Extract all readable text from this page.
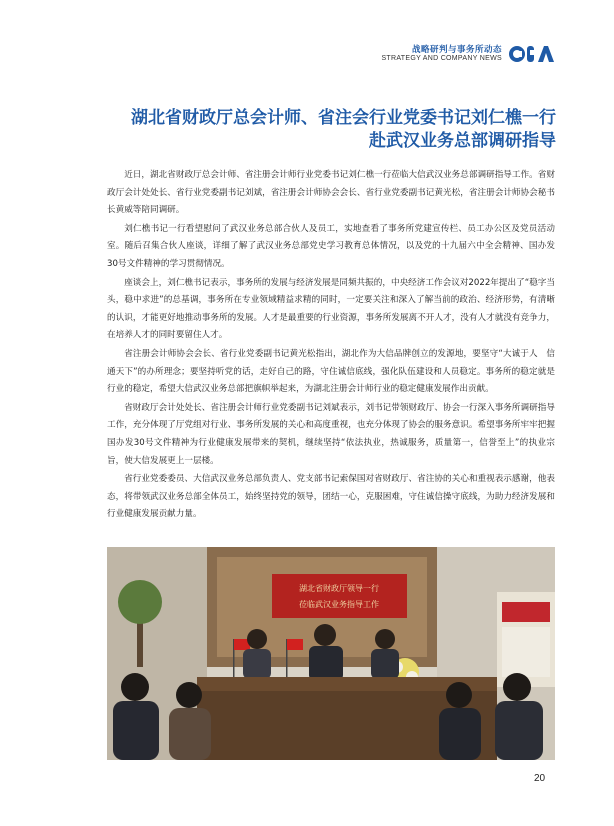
战略研判与事务所动态
STRATEGY AND COMPANY NEWS
湖北省财政厅总会计师、省注会行业党委书记刘仁樵一行
赴武汉业务总部调研指导

近日，湖北省财政厅总会计师、省注册会计师行业党委书记刘仁樵一行莅临大信武汉业务总部调研指导工作。省财政厅会计处处长、省行业党委副书记刘斌，省注册会计师协会会长、省行业党委副书记黄光松，省注册会计师协会秘书长黄威等陪同调研。

刘仁樵书记一行看望慰问了武汉业务总部合伙人及员工，实地查看了事务所党建宣传栏、员工办公区及党员活动室。随后召集合伙人座谈，详细了解了武汉业务总部党史学习教育总体情况，以及党的十九届六中全会精神、国办发30号文件精神的学习贯彻情况。

座谈会上，刘仁樵书记表示，事务所的发展与经济发展是同频共振的，中央经济工作会议对2022年提出了“稳字当头，稳中求进”的总基调，事务所在专业领域精益求精的同时，一定要关注和深入了解当前的政治、经济形势，有清晰的认识，才能更好地推动事务所的发展。人才是最重要的行业资源，事务所发展离不开人才，没有人才就没有竞争力，在培养人才的同时要留住人才。

省注册会计师协会会长、省行业党委副书记黄光松指出，湖北作为大信品牌创立的发源地，要坚守“大诚于人　信通天下”的办所理念；要坚持听党的话，走好自己的路，守住诚信底线，强化队伍建设和人员稳定。事务所的稳定就是行业的稳定，希望大信武汉业务总部把旗帜举起来，为湖北注册会计师行业的稳定健康发展作出贡献。

省财政厅会计处处长、省注册会计师行业党委副书记刘斌表示，刘书记带领财政厅、协会一行深入事务所调研指导工作，充分体现了厅党组对行业、事务所发展的关心和高度重视，也充分体现了协会的服务意识。希望事务所牢牢把握国办发30号文件精神为行业健康发展带来的契机，继续坚持“依法执业，热诚服务，质量第一，信誉至上”的执业宗旨，使大信发展更上一层楼。

省行业党委委员、大信武汉业务总部负责人、党支部书记索保国对省财政厅、省注协的关心和重视表示感谢，他表态，将带领武汉业务总部全体员工，始终坚持党的领导，团结一心，克服困难，守住诚信操守底线，为助力经济发展和行业健康发展贡献力量。

湖北省财政厅领导一行
莅临武汉业务指导工作
20
